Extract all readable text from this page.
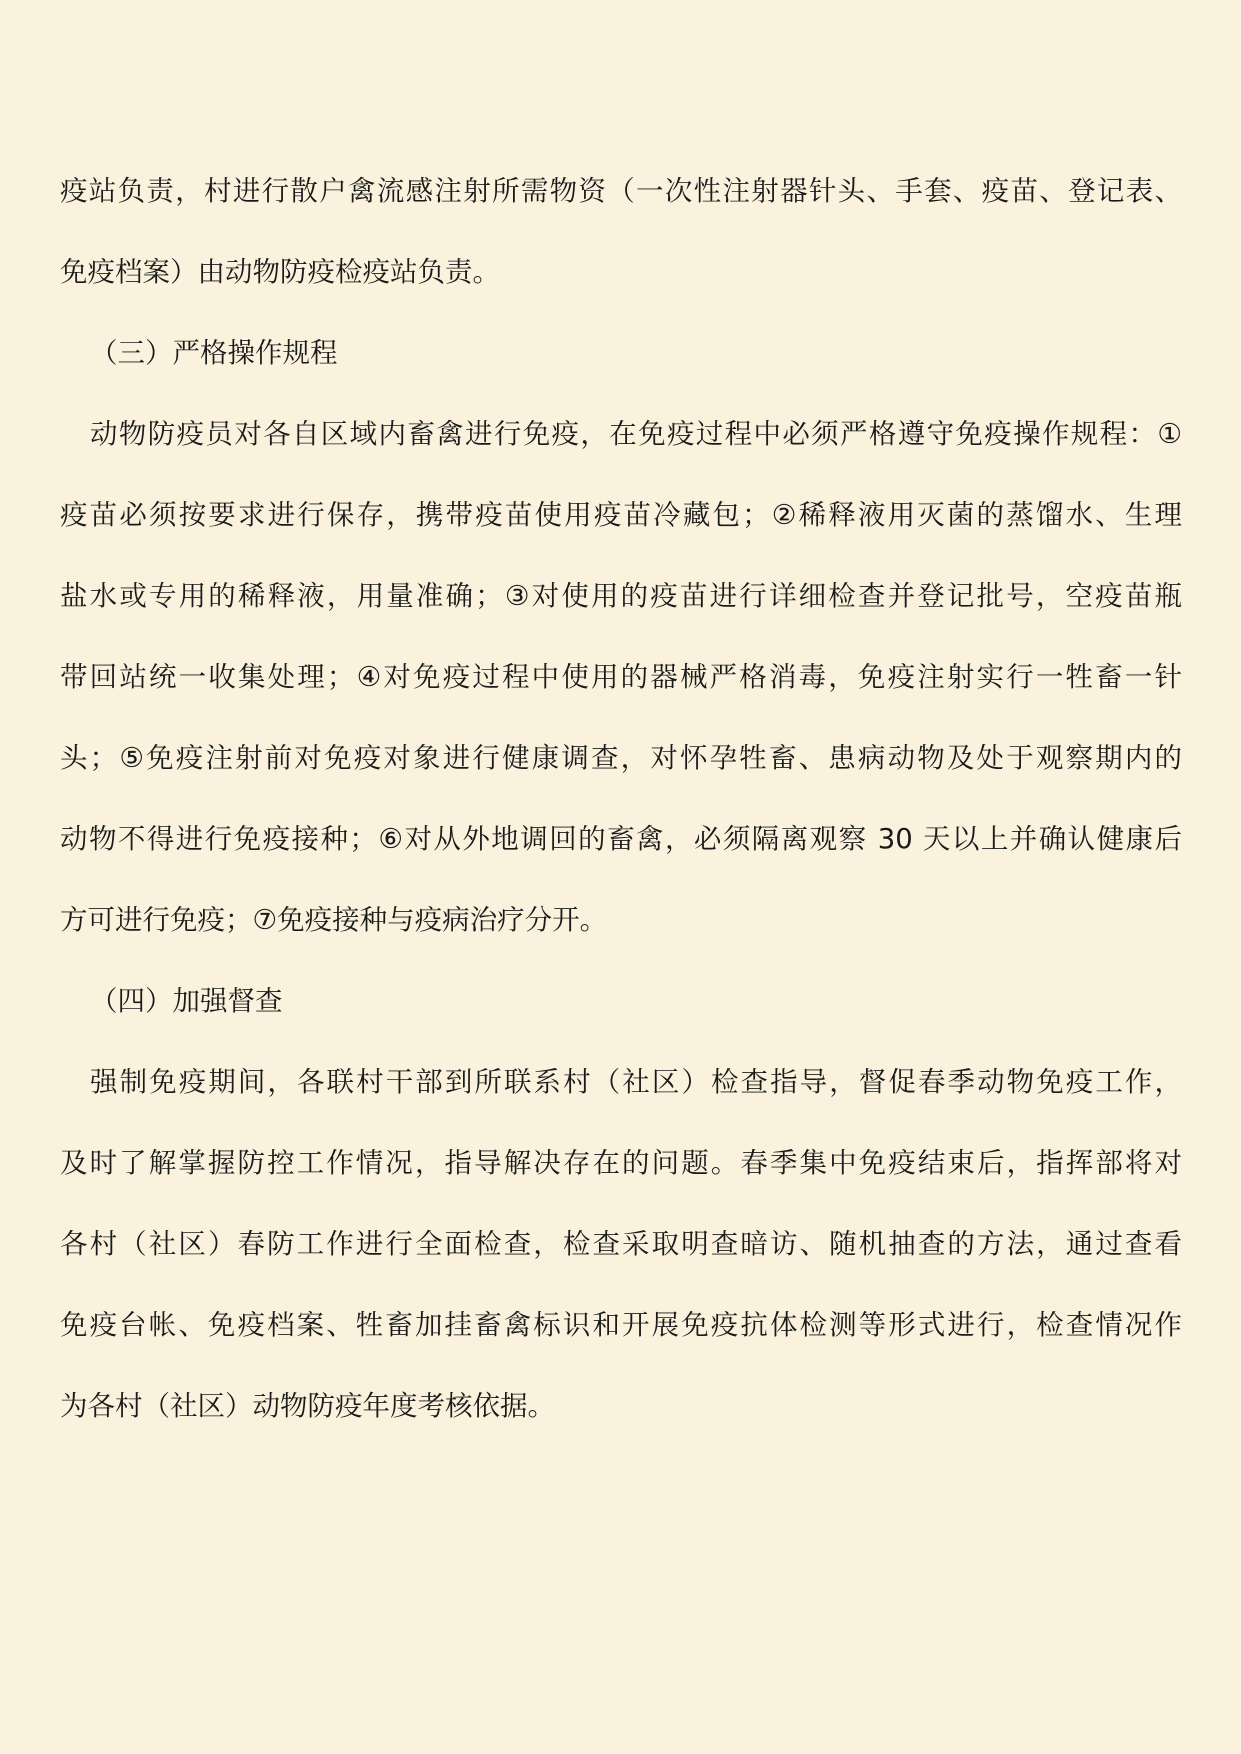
疫站负责，村进行散户禽流感注射所需物资（一次性注射器针头、手套、疫苗、登记表、
免疫档案）由动物防疫检疫站负责。
（三）严格操作规程
动物防疫员对各自区域内畜禽进行免疫，在免疫过程中必须严格遵守免疫操作规程：①
疫苗必须按要求进行保存，携带疫苗使用疫苗冷藏包；②稀释液用灭菌的蒸馏水、生理
盐水或专用的稀释液，用量准确；③对使用的疫苗进行详细检查并登记批号，空疫苗瓶
带回站统一收集处理；④对免疫过程中使用的器械严格消毒，免疫注射实行一牲畜一针
头；⑤免疫注射前对免疫对象进行健康调查，对怀孕牲畜、患病动物及处于观察期内的
动物不得进行免疫接种；⑥对从外地调回的畜禽，必须隔离观察 30 天以上并确认健康后
方可进行免疫；⑦免疫接种与疫病治疗分开。
（四）加强督查
强制免疫期间，各联村干部到所联系村（社区）检查指导，督促春季动物免疫工作，
及时了解掌握防控工作情况，指导解决存在的问题。春季集中免疫结束后，指挥部将对
各村（社区）春防工作进行全面检查，检查采取明查暗访、随机抽查的方法，通过查看
免疫台帐、免疫档案、牲畜加挂畜禽标识和开展免疫抗体检测等形式进行，检查情况作
为各村（社区）动物防疫年度考核依据。
